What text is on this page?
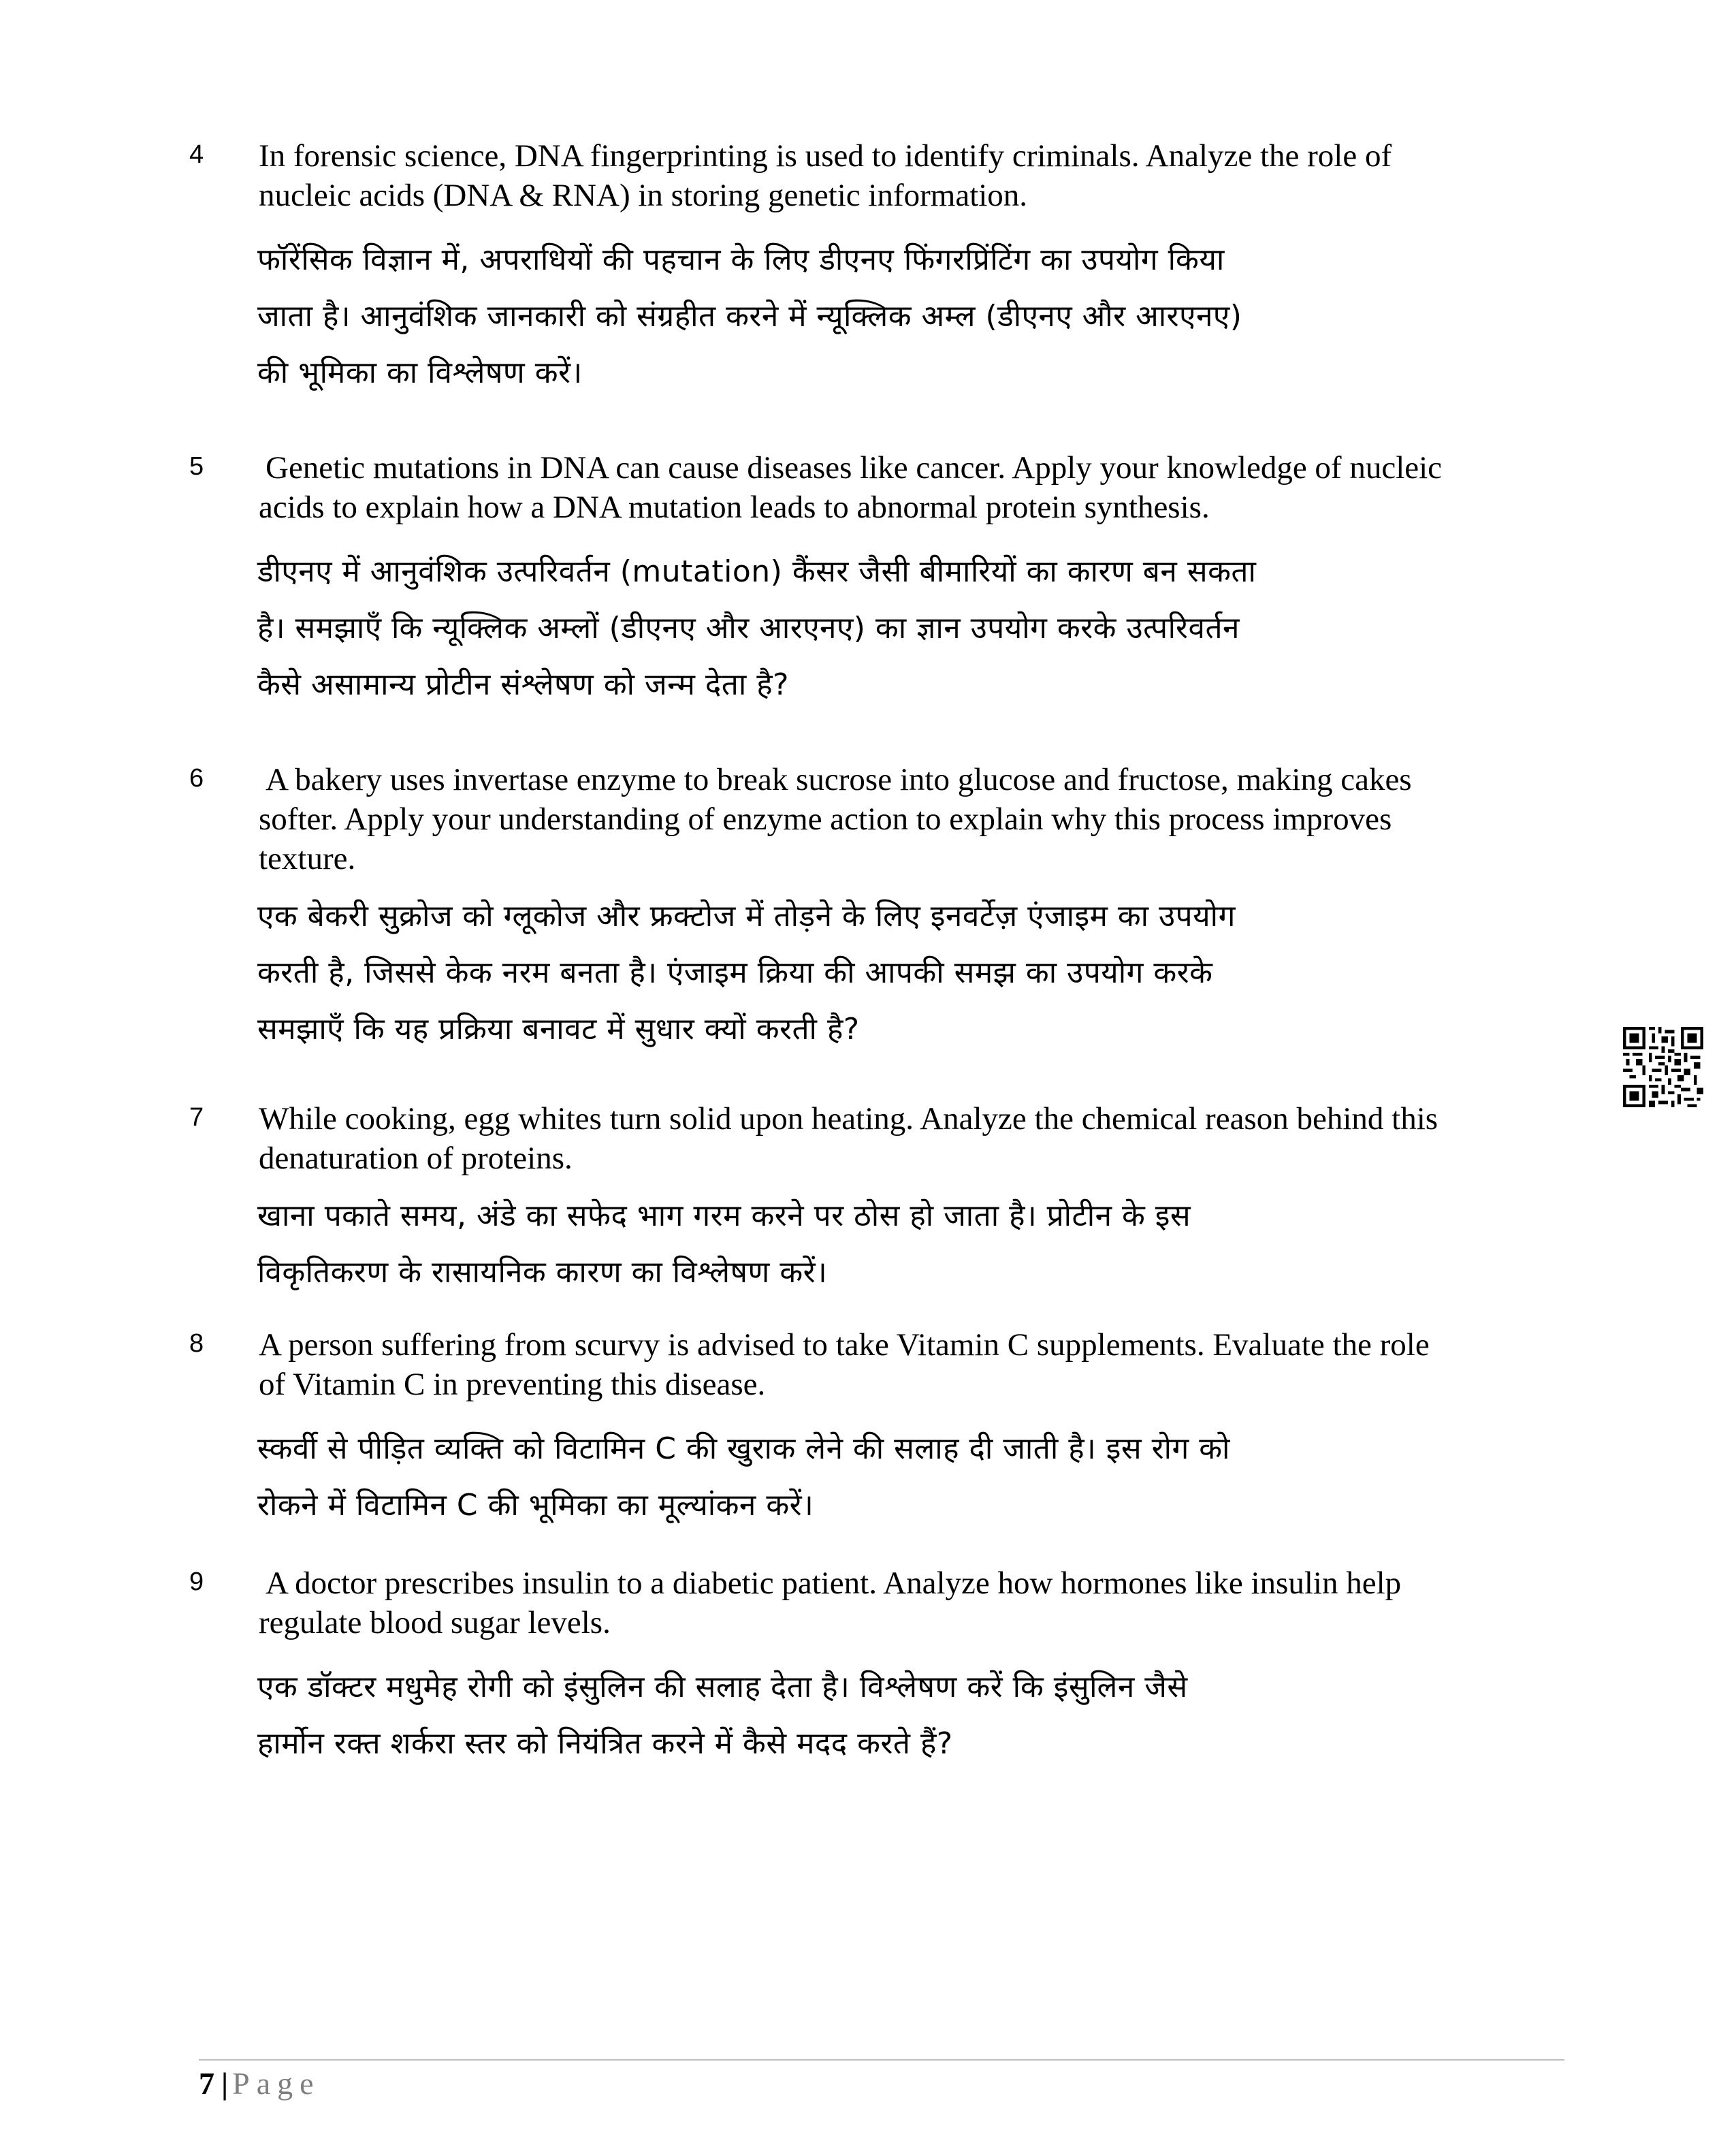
4 In forensic science, DNA fingerprinting is used to identify criminals. Analyze the role of
nucleic acids (DNA & RNA) in storing genetic information.
फॉरेंसिक विज्ञान में, अपराधियों की पहचान के लिए डीएनए फिंगरप्रिंटिंग का उपयोग किया
जाता है। आनुवंशिक जानकारी को संग्रहीत करने में न्यूक्लिक अम्ल (डीएनए और आरएनए)
की भूमिका का विश्लेषण करें।
5 Genetic mutations in DNA can cause diseases like cancer. Apply your knowledge of nucleic
acids to explain how a DNA mutation leads to abnormal protein synthesis.
डीएनए में आनुवंशिक उत्परिवर्तन (mutation) कैंसर जैसी बीमारियों का कारण बन सकता
है। समझाएँ कि न्यूक्लिक अम्लों (डीएनए और आरएनए) का ज्ञान उपयोग करके उत्परिवर्तन
कैसे असामान्य प्रोटीन संश्लेषण को जन्म देता है?
6 A bakery uses invertase enzyme to break sucrose into glucose and fructose, making cakes
softer. Apply your understanding of enzyme action to explain why this process improves
texture.
एक बेकरी सुक्रोज को ग्लूकोज और फ्रक्टोज में तोड़ने के लिए इनवर्टेज़ एंजाइम का उपयोग
करती है, जिससे केक नरम बनता है। एंजाइम क्रिया की आपकी समझ का उपयोग करके
समझाएँ कि यह प्रक्रिया बनावट में सुधार क्यों करती है?
7 While cooking, egg whites turn solid upon heating. Analyze the chemical reason behind this
denaturation of proteins.
खाना पकाते समय, अंडे का सफेद भाग गरम करने पर ठोस हो जाता है। प्रोटीन के इस
विकृतिकरण के रासायनिक कारण का विश्लेषण करें।
8 A person suffering from scurvy is advised to take Vitamin C supplements. Evaluate the role
of Vitamin C in preventing this disease.
स्कर्वी से पीड़ित व्यक्ति को विटामिन C की खुराक लेने की सलाह दी जाती है। इस रोग को
रोकने में विटामिन C की भूमिका का मूल्यांकन करें।
9 A doctor prescribes insulin to a diabetic patient. Analyze how hormones like insulin help
regulate blood sugar levels.
एक डॉक्टर मधुमेह रोगी को इंसुलिन की सलाह देता है। विश्लेषण करें कि इंसुलिन जैसे
हार्मोन रक्त शर्करा स्तर को नियंत्रित करने में कैसे मदद करते हैं?
7 | Page
